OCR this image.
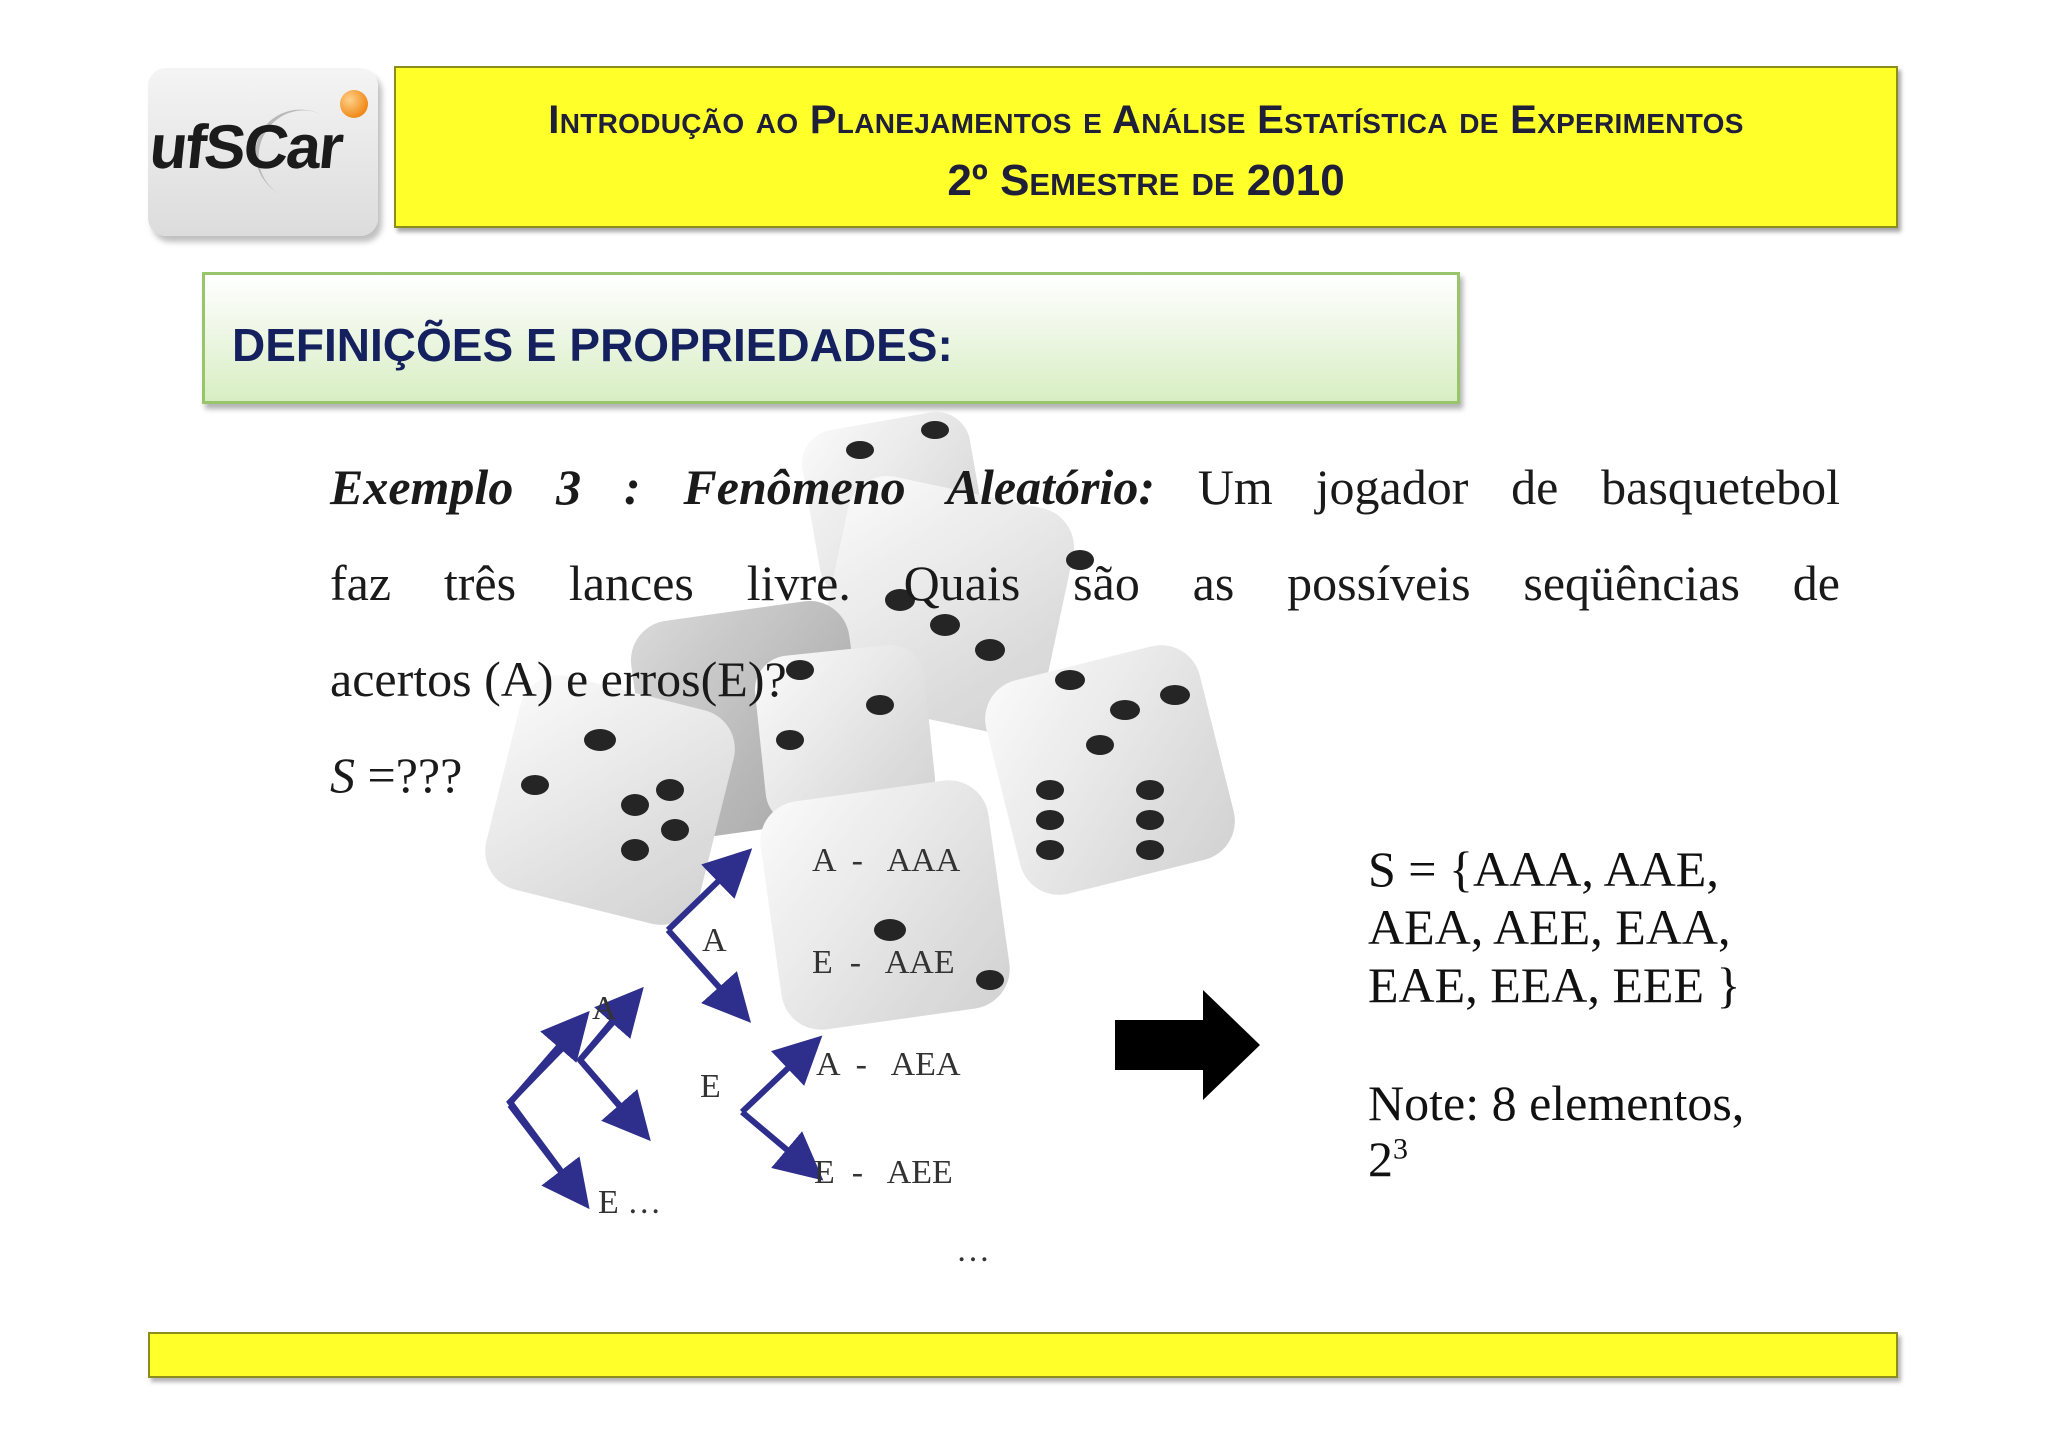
ufSCar	Introdução ao Planejamentos e Análise Estatística de Experimentos
2º Semestre de 2010
DEFINIÇÕES E PROPRIEDADES:
Exemplo 3 : Fenômeno Aleatório: Um jogador de basquetebol
faz três lances livre. Quais são as possíveis seqüências de
acertos (A) e erros(E)?
S =???
A
E …
A
E
A  -   AAA
E  -   AAE
A  -   AEA
E  -   AEE
…
S = {AAA, AAE,
AEA, AEE, EAA,
EAE, EEA, EEE }
Note: 8 elementos,
$2^3$
